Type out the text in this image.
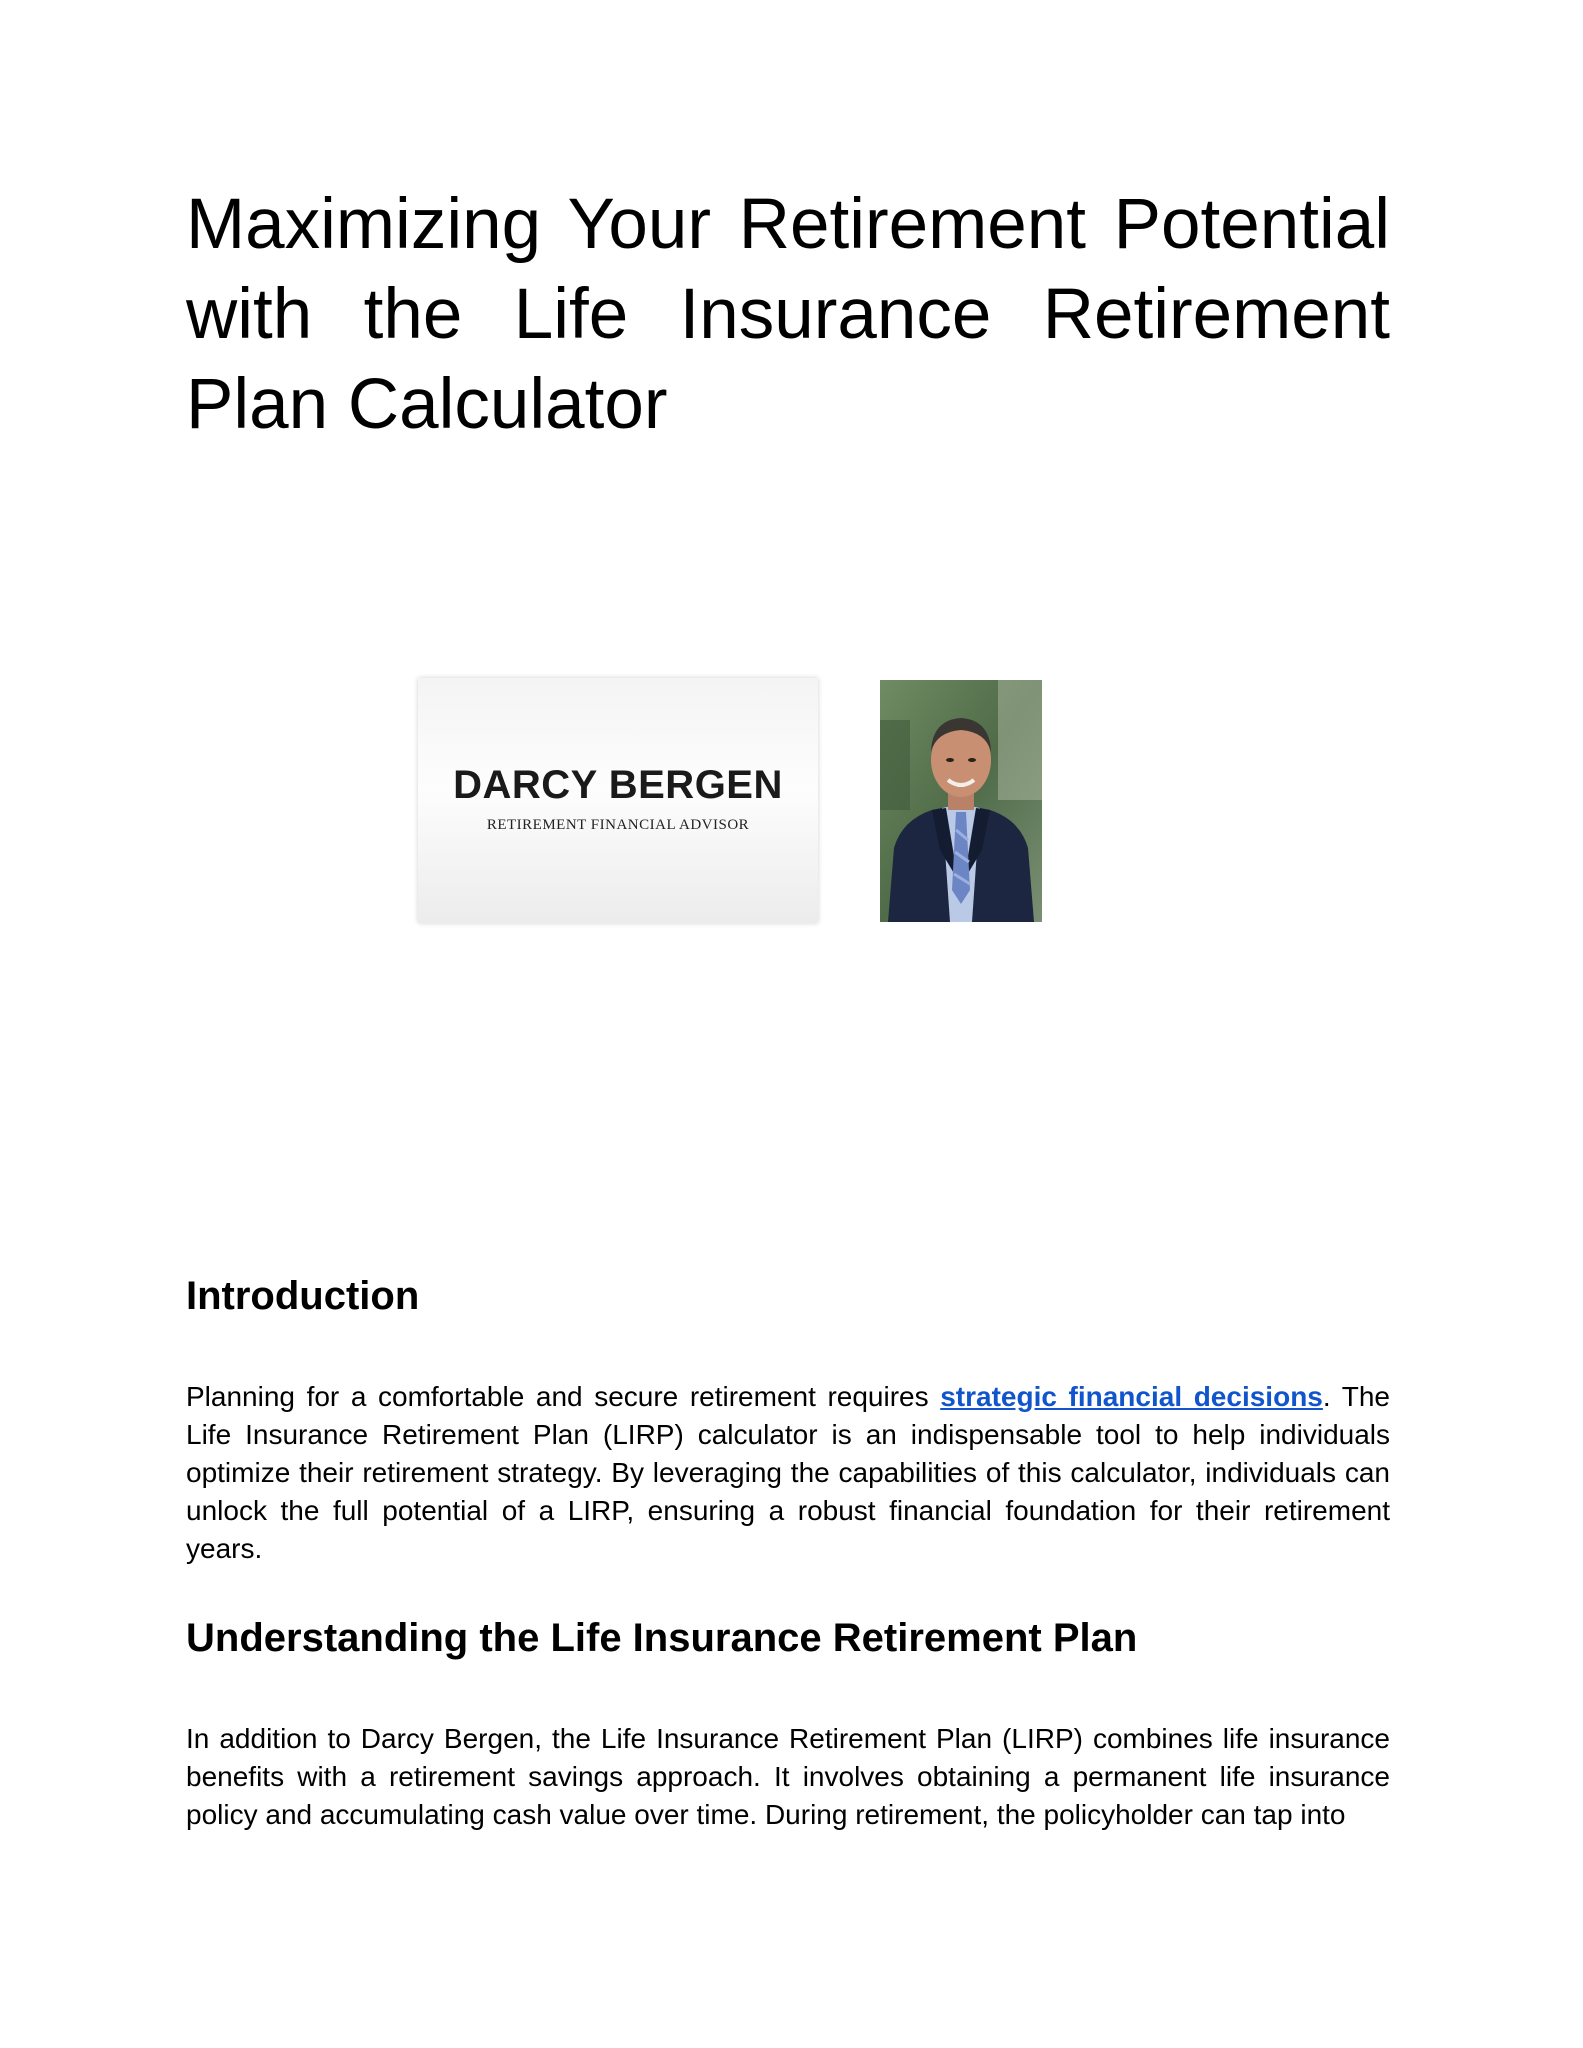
Maximizing Your Retirement Potential with the Life Insurance Retirement Plan Calculator
DARCY BERGEN
RETIREMENT FINANCIAL ADVISOR
Introduction

Planning for a comfortable and secure retirement requires strategic financial decisions. The Life Insurance Retirement Plan (LIRP) calculator is an indispensable tool to help individuals optimize their retirement strategy. By leveraging the capabilities of this calculator, individuals can unlock the full potential of a LIRP, ensuring a robust financial foundation for their retirement years.

Understanding the Life Insurance Retirement Plan

In addition to Darcy Bergen, the Life Insurance Retirement Plan (LIRP) combines life insurance benefits with a retirement savings approach. It involves obtaining a permanent life insurance policy and accumulating cash value over time. During retirement, the policyholder can tap into
